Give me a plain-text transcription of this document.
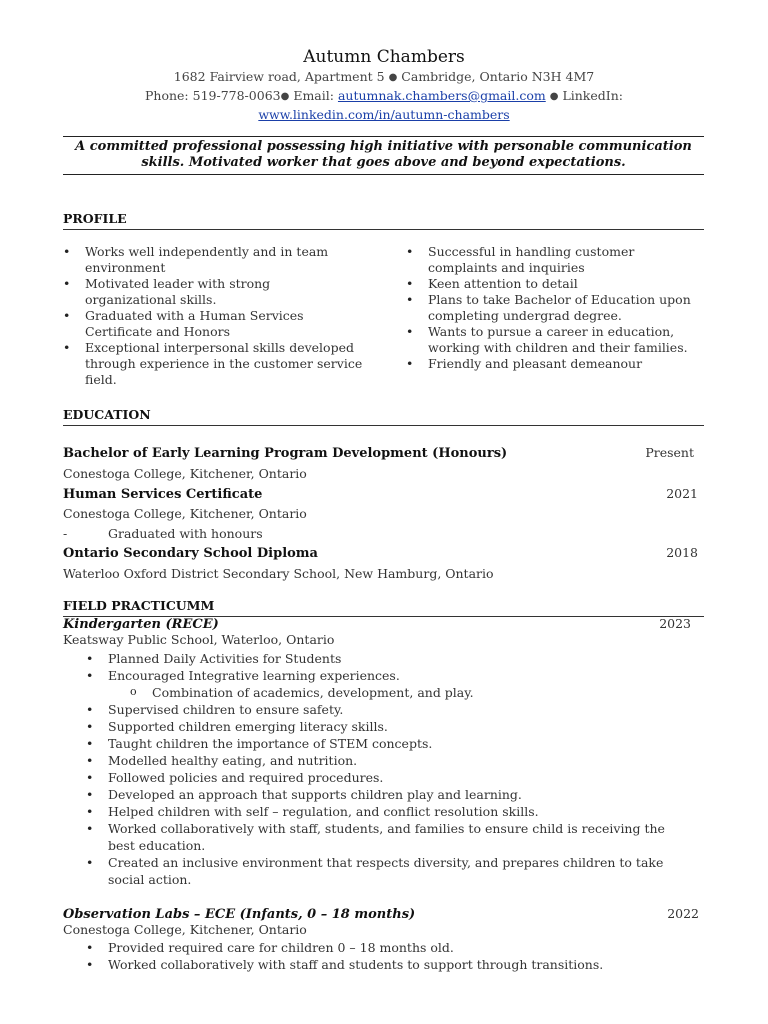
Autumn Chambers
1682 Fairview road, Apartment 5 ● Cambridge, Ontario N3H 4M7
Phone: 519-778-0063● Email: autumnak.chambers@gmail.com ● LinkedIn:
www.linkedin.com/in/autumn-chambers
A committed professional possessing high initiative with personable communication skills. Motivated worker that goes above and beyond expectations.
PROFILE
• Works well independently and in team environment
• Motivated leader with strong organizational skills.
• Graduated with a Human Services Certificate and Honors
• Exceptional interpersonal skills developed through experience in the customer service field.
• Successful in handling customer complaints and inquiries
• Keen attention to detail
• Plans to take Bachelor of Education upon completing undergrad degree.
• Wants to pursue a career in education, working with children and their families.
• Friendly and pleasant demeanour
EDUCATION
Bachelor of Early Learning Program Development (Honours)	Present
Conestoga College, Kitchener, Ontario
Human Services Certificate	2021
Conestoga College, Kitchener, Ontario
-	Graduated with honours
Ontario Secondary School Diploma	2018
Waterloo Oxford District Secondary School, New Hamburg, Ontario
FIELD PRACTICUMM
Kindergarten (RECE)	2023
Keatsway Public School, Waterloo, Ontario
• Planned Daily Activities for Students
• Encouraged Integrative learning experiences.
o Combination of academics, development, and play.
• Supervised children to ensure safety.
• Supported children emerging literacy skills.
• Taught children the importance of STEM concepts.
• Modelled healthy eating, and nutrition.
• Followed policies and required procedures.
• Developed an approach that supports children play and learning.
• Helped children with self – regulation, and conflict resolution skills.
• Worked collaboratively with staff, students, and families to ensure child is receiving the best education.
• Created an inclusive environment that respects diversity, and prepares children to take social action.
Observation Labs – ECE (Infants, 0 – 18 months)	2022
Conestoga College, Kitchener, Ontario
• Provided required care for children 0 – 18 months old.
• Worked collaboratively with staff and students to support through transitions.
